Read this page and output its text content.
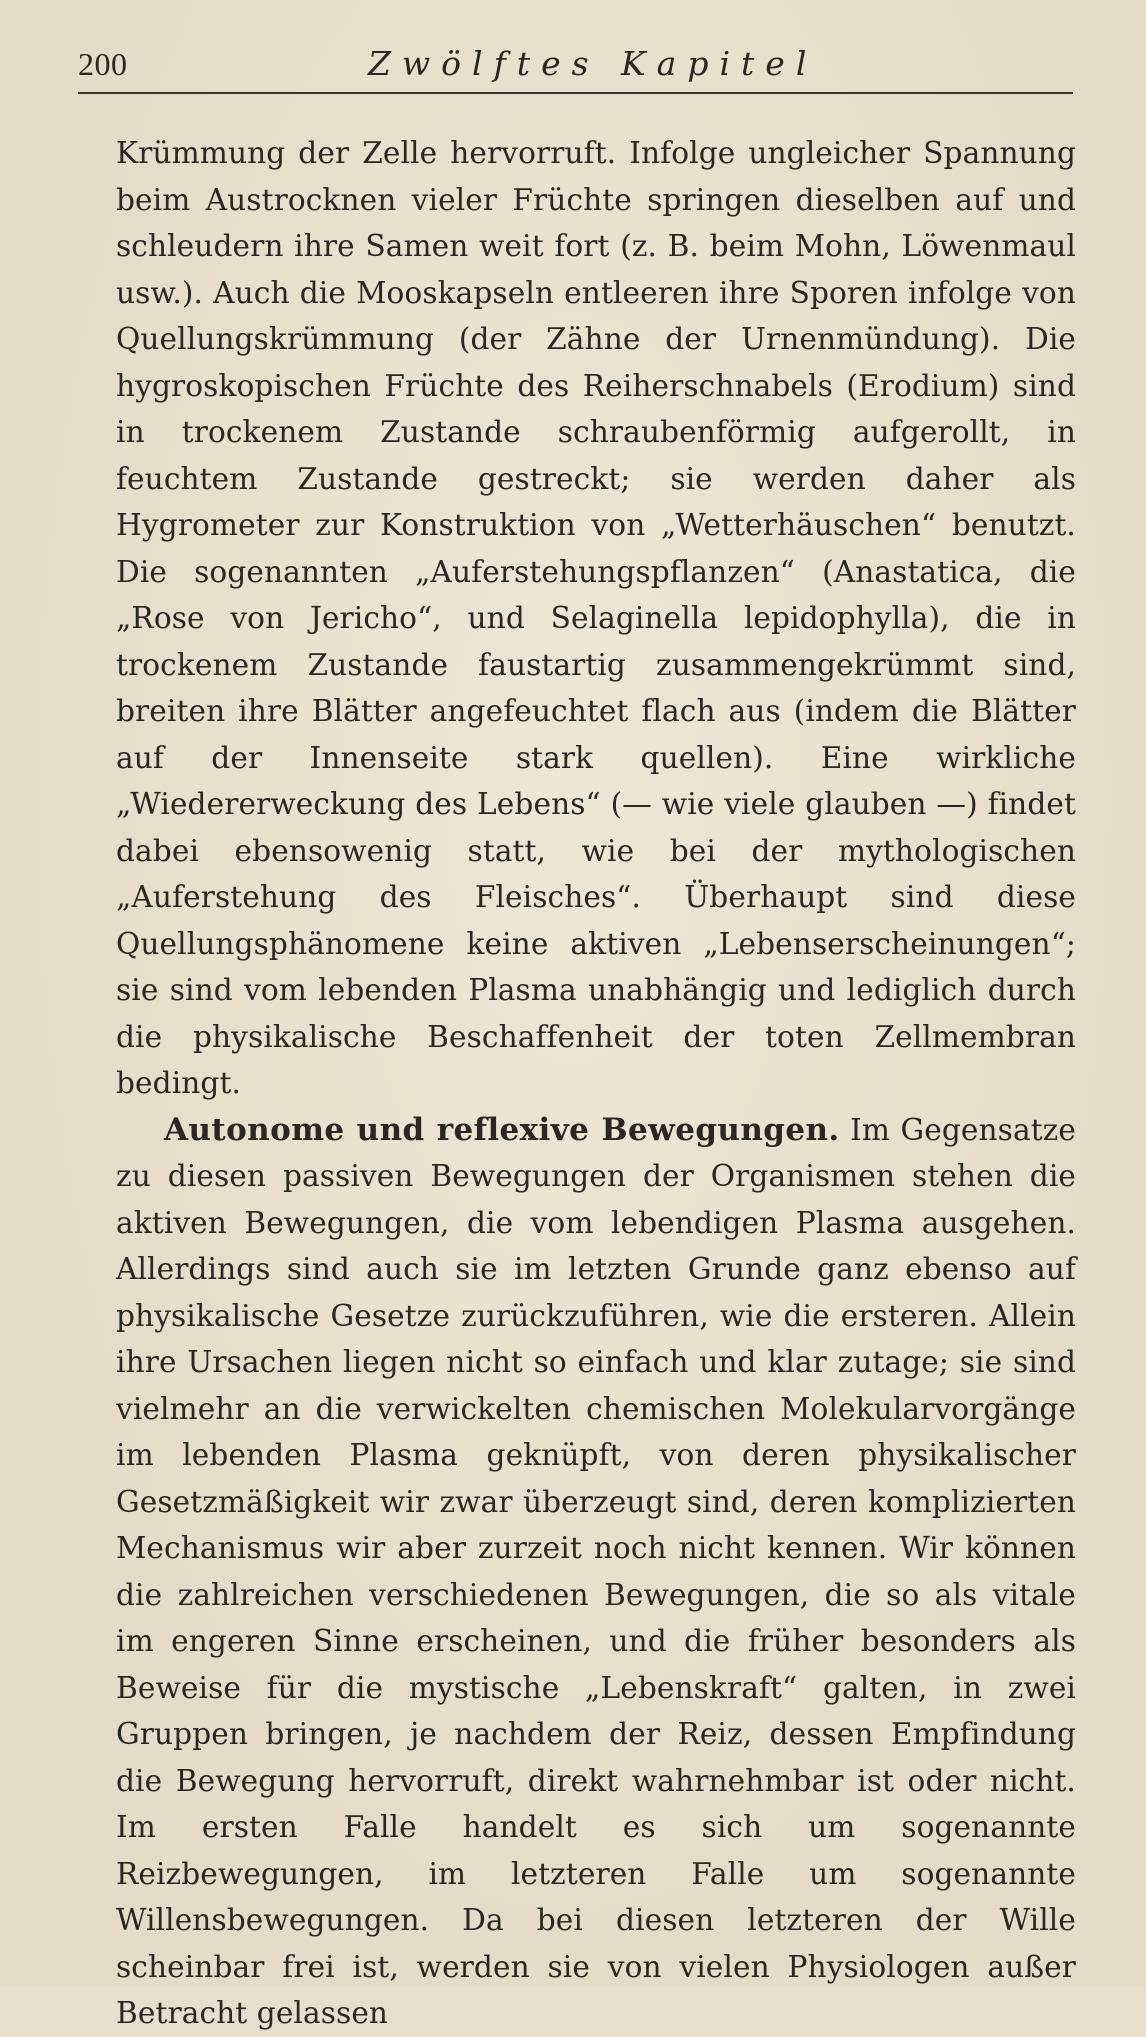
200	Zwölftes Kapitel

Krümmung der Zelle hervorruft. Infolge ungleicher Spannung beim Austrocknen vieler Früchte springen dieselben auf und schleudern ihre Samen weit fort (z. B. beim Mohn, Löwenmaul usw.). Auch die Mooskapseln entleeren ihre Sporen infolge von Quellungskrümmung (der Zähne der Urnenmündung). Die hygroskopischen Früchte des Reiherschnabels (Erodium) sind in trockenem Zustande schraubenförmig aufgerollt, in feuchtem Zustande gestreckt; sie werden daher als Hygrometer zur Konstruktion von „Wetterhäuschen“ benutzt. Die sogenannten „Auferstehungspflanzen“ (Anastatica, die „Rose von Jericho“, und Selaginella lepidophylla), die in trockenem Zustande faustartig zusammengekrümmt sind, breiten ihre Blätter angefeuchtet flach aus (indem die Blätter auf der Innenseite stark quellen). Eine wirkliche „Wiedererweckung des Lebens“ (— wie viele glauben —) findet dabei ebensowenig statt, wie bei der mythologischen „Auferstehung des Fleisches“. Überhaupt sind diese Quellungsphänomene keine aktiven „Lebenserscheinungen“; sie sind vom lebenden Plasma unabhängig und lediglich durch die physikalische Beschaffenheit der toten Zellmembran bedingt.

Autonome und reflexive Bewegungen. Im Gegensatze zu diesen passiven Bewegungen der Organismen stehen die aktiven Bewegungen, die vom lebendigen Plasma ausgehen. Allerdings sind auch sie im letzten Grunde ganz ebenso auf physikalische Gesetze zurückzuführen, wie die ersteren. Allein ihre Ursachen liegen nicht so einfach und klar zutage; sie sind vielmehr an die verwickelten chemischen Molekularvorgänge im lebenden Plasma geknüpft, von deren physikalischer Gesetzmäßigkeit wir zwar überzeugt sind, deren komplizierten Mechanismus wir aber zurzeit noch nicht kennen. Wir können die zahlreichen verschiedenen Bewegungen, die so als vitale im engeren Sinne erscheinen, und die früher besonders als Beweise für die mystische „Lebenskraft“ galten, in zwei Gruppen bringen, je nachdem der Reiz, dessen Empfindung die Bewegung hervorruft, direkt wahrnehmbar ist oder nicht. Im ersten Falle handelt es sich um sogenannte Reizbewegungen, im letzteren Falle um sogenannte Willensbewegungen. Da bei diesen letzteren der Wille scheinbar frei ist, werden sie von vielen Physiologen außer Betracht gelassen
